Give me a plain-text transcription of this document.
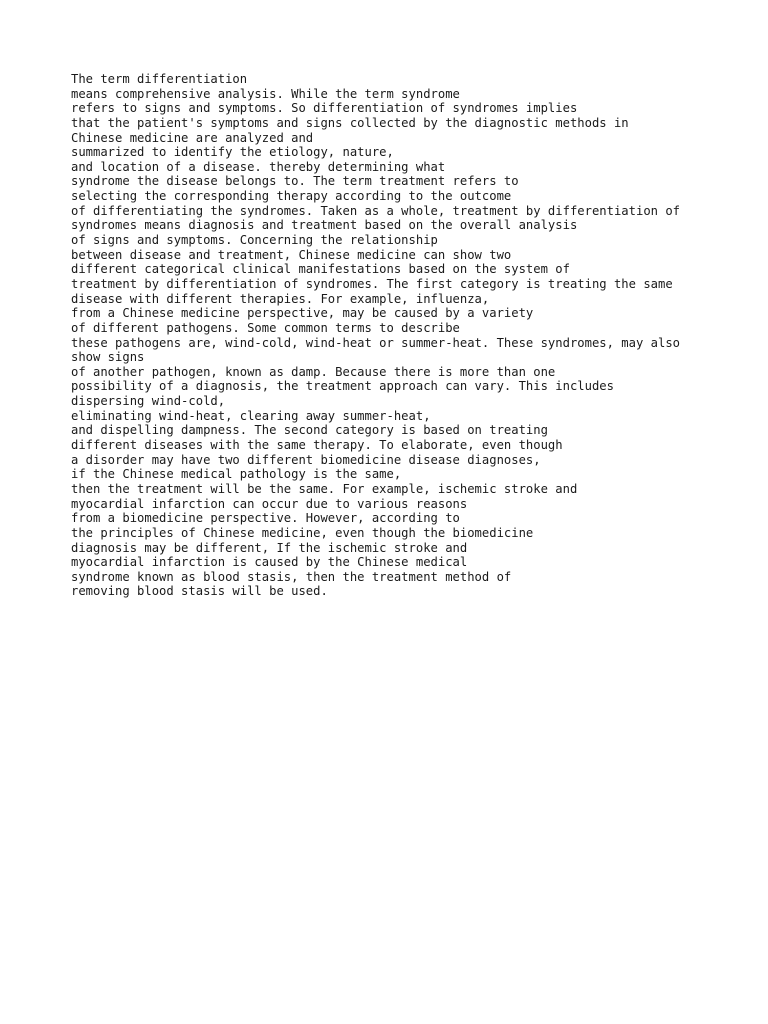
The term differentiation
means comprehensive analysis. While the term syndrome
refers to signs and symptoms. So differentiation of syndromes implies
that the patient's symptoms and signs collected by the diagnostic methods in
Chinese medicine are analyzed and
summarized to identify the etiology, nature,
and location of a disease. thereby determining what
syndrome the disease belongs to. The term treatment refers to
selecting the corresponding therapy according to the outcome
of differentiating the syndromes. Taken as a whole, treatment by differentiation of
syndromes means diagnosis and treatment based on the overall analysis
of signs and symptoms. Concerning the relationship
between disease and treatment, Chinese medicine can show two
different categorical clinical manifestations based on the system of
treatment by differentiation of syndromes. The first category is treating the same
disease with different therapies. For example, influenza,
from a Chinese medicine perspective, may be caused by a variety
of different pathogens. Some common terms to describe
these pathogens are, wind-cold, wind-heat or summer-heat. These syndromes, may also
show signs
of another pathogen, known as damp. Because there is more than one
possibility of a diagnosis, the treatment approach can vary. This includes
dispersing wind-cold,
eliminating wind-heat, clearing away summer-heat,
and dispelling dampness. The second category is based on treating
different diseases with the same therapy. To elaborate, even though
a disorder may have two different biomedicine disease diagnoses,
if the Chinese medical pathology is the same,
then the treatment will be the same. For example, ischemic stroke and
myocardial infarction can occur due to various reasons
from a biomedicine perspective. However, according to
the principles of Chinese medicine, even though the biomedicine
diagnosis may be different, If the ischemic stroke and
myocardial infarction is caused by the Chinese medical
syndrome known as blood stasis, then the treatment method of
removing blood stasis will be used.
